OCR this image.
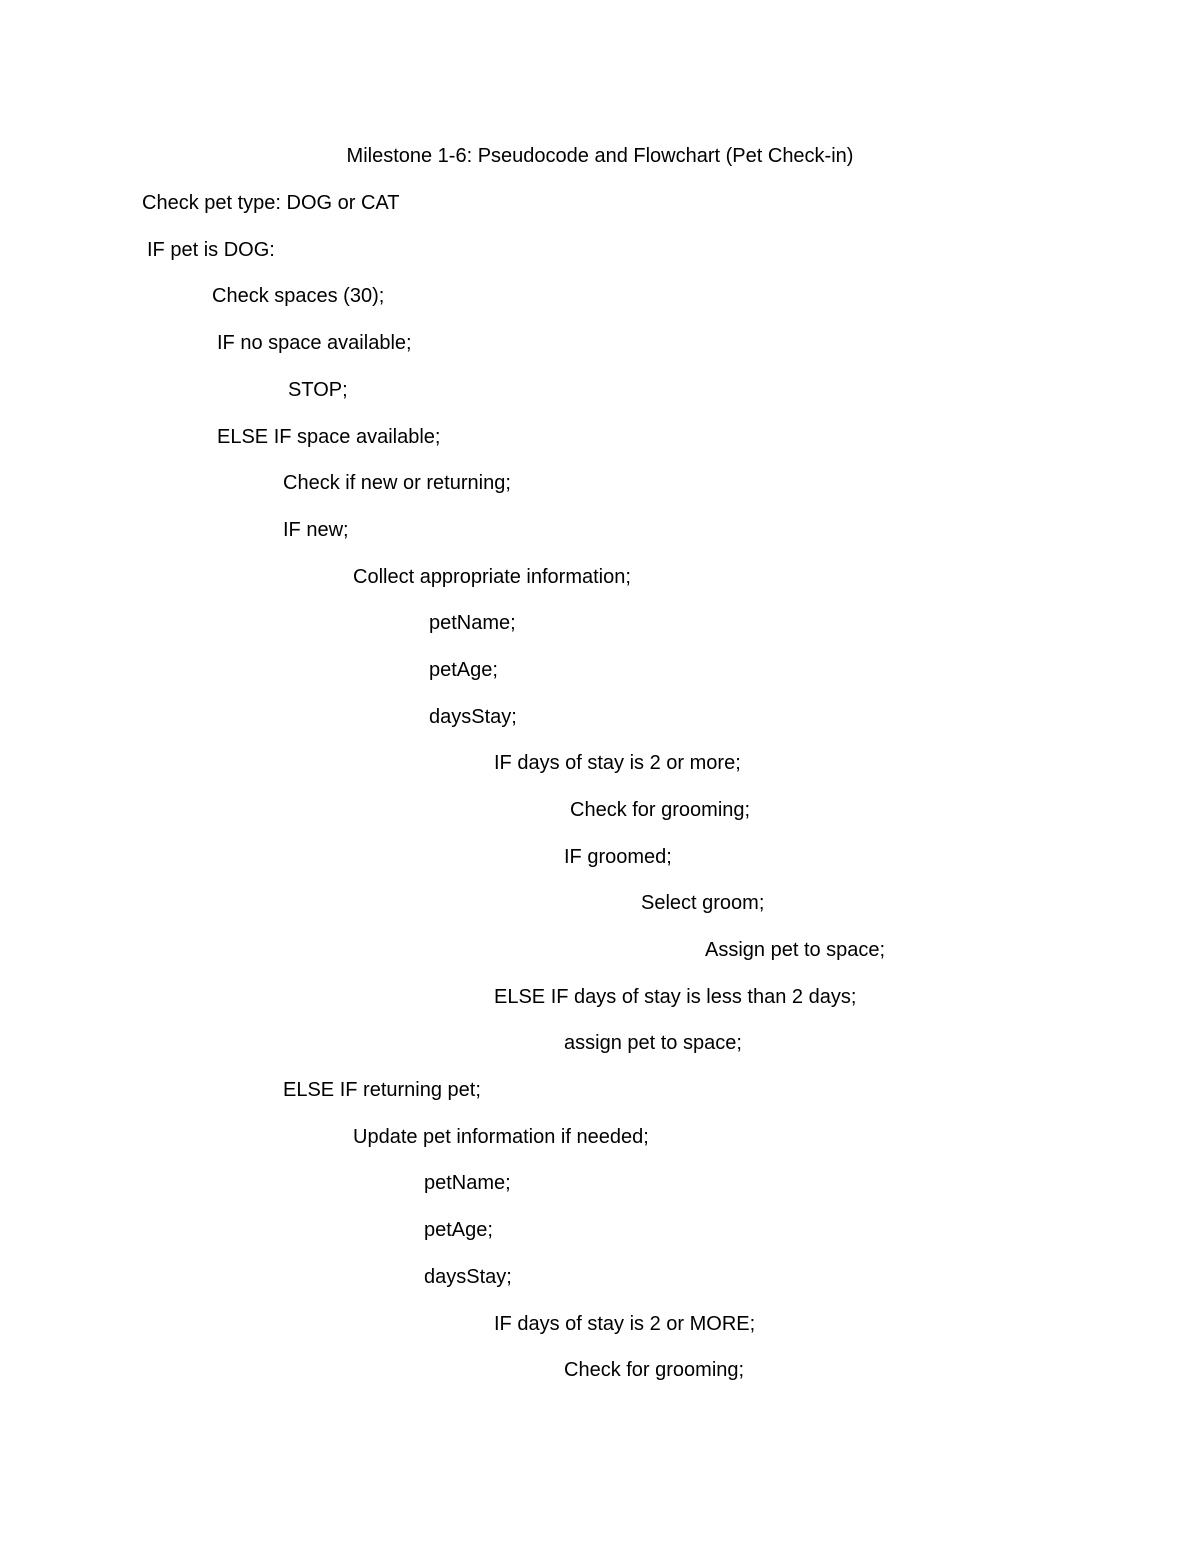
Milestone 1-6: Pseudocode and Flowchart (Pet Check-in)
Check pet type: DOG or CAT
IF pet is DOG:
Check spaces (30);
IF no space available;
STOP;
ELSE IF space available;
Check if new or returning;
IF new;
Collect appropriate information;
petName;
petAge;
daysStay;
IF days of stay is 2 or more;
Check for grooming;
IF groomed;
Select groom;
Assign pet to space;
ELSE IF days of stay is less than 2 days;
assign pet to space;
ELSE IF returning pet;
Update pet information if needed;
petName;
petAge;
daysStay;
IF days of stay is 2 or MORE;
Check for grooming;
